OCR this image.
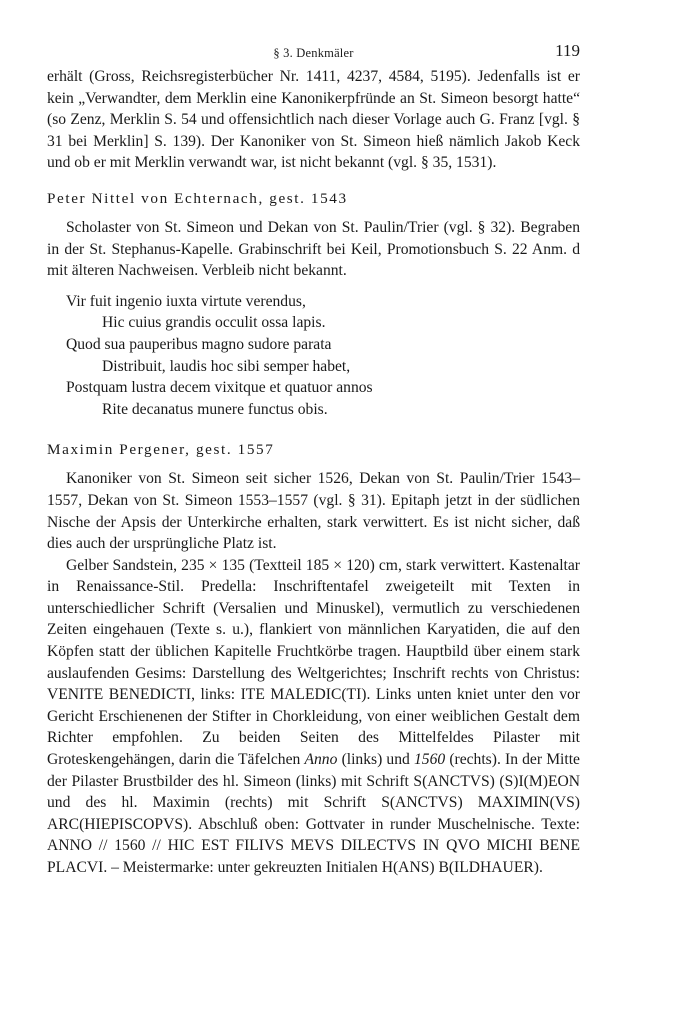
§ 3. Denkmäler	119

erhält (Gross, Reichsregisterbücher Nr. 1411, 4237, 4584, 5195). Jedenfalls ist er kein „Verwandter, dem Merklin eine Kanonikerpfründe an St. Simeon besorgt hatte“ (so Zenz, Merklin S. 54 und offensichtlich nach dieser Vorlage auch G. Franz [vgl. § 31 bei Merklin] S. 139). Der Kanoniker von St. Simeon hieß nämlich Jakob Keck und ob er mit Merklin verwandt war, ist nicht bekannt (vgl. § 35, 1531).

Peter Nittel von Echternach, gest. 1543

Scholaster von St. Simeon und Dekan von St. Paulin/Trier (vgl. § 32). Begraben in der St. Stephanus-Kapelle. Grabinschrift bei Keil, Promotionsbuch S. 22 Anm. d mit älteren Nachweisen. Verbleib nicht bekannt.

Vir fuit ingenio iuxta virtute verendus,
Hic cuius grandis occulit ossa lapis.
Quod sua pauperibus magno sudore parata
Distribuit, laudis hoc sibi semper habet,
Postquam lustra decem vixitque et quatuor annos
Rite decanatus munere functus obis.
Maximin Pergener, gest. 1557

Kanoniker von St. Simeon seit sicher 1526, Dekan von St. Paulin/Trier 1543–1557, Dekan von St. Simeon 1553–1557 (vgl. § 31). Epitaph jetzt in der südlichen Nische der Apsis der Unterkirche erhalten, stark verwittert. Es ist nicht sicher, daß dies auch der ursprüngliche Platz ist.

Gelber Sandstein, 235 × 135 (Textteil 185 × 120) cm, stark verwittert. Kastenaltar in Renaissance-Stil. Predella: Inschriftentafel zweigeteilt mit Texten in unterschiedlicher Schrift (Versalien und Minuskel), vermutlich zu verschiedenen Zeiten eingehauen (Texte s. u.), flankiert von männlichen Karyatiden, die auf den Köpfen statt der üblichen Kapitelle Fruchtkörbe tragen. Hauptbild über einem stark auslaufenden Gesims: Darstellung des Weltgerichtes; Inschrift rechts von Christus: VENITE BENEDICTI, links: ITE MALEDIC(TI). Links unten kniet unter den vor Gericht Erschienenen der Stifter in Chorkleidung, von einer weiblichen Gestalt dem Richter empfohlen. Zu beiden Seiten des Mittelfeldes Pilaster mit Groteskengehängen, darin die Täfelchen Anno (links) und 1560 (rechts). In der Mitte der Pilaster Brustbilder des hl. Simeon (links) mit Schrift S(ANCTVS) (S)I(M)EON und des hl. Maximin (rechts) mit Schrift S(ANCTVS) MAXIMIN(VS) ARC(HIEPISCOPVS). Abschluß oben: Gottvater in runder Muschelnische. Texte: ANNO // 1560 // HIC EST FILIVS MEVS DILECTVS IN QVO MICHI BENE PLACVI. – Meistermarke: unter gekreuzten Initialen H(ANS) B(ILDHAUER).
